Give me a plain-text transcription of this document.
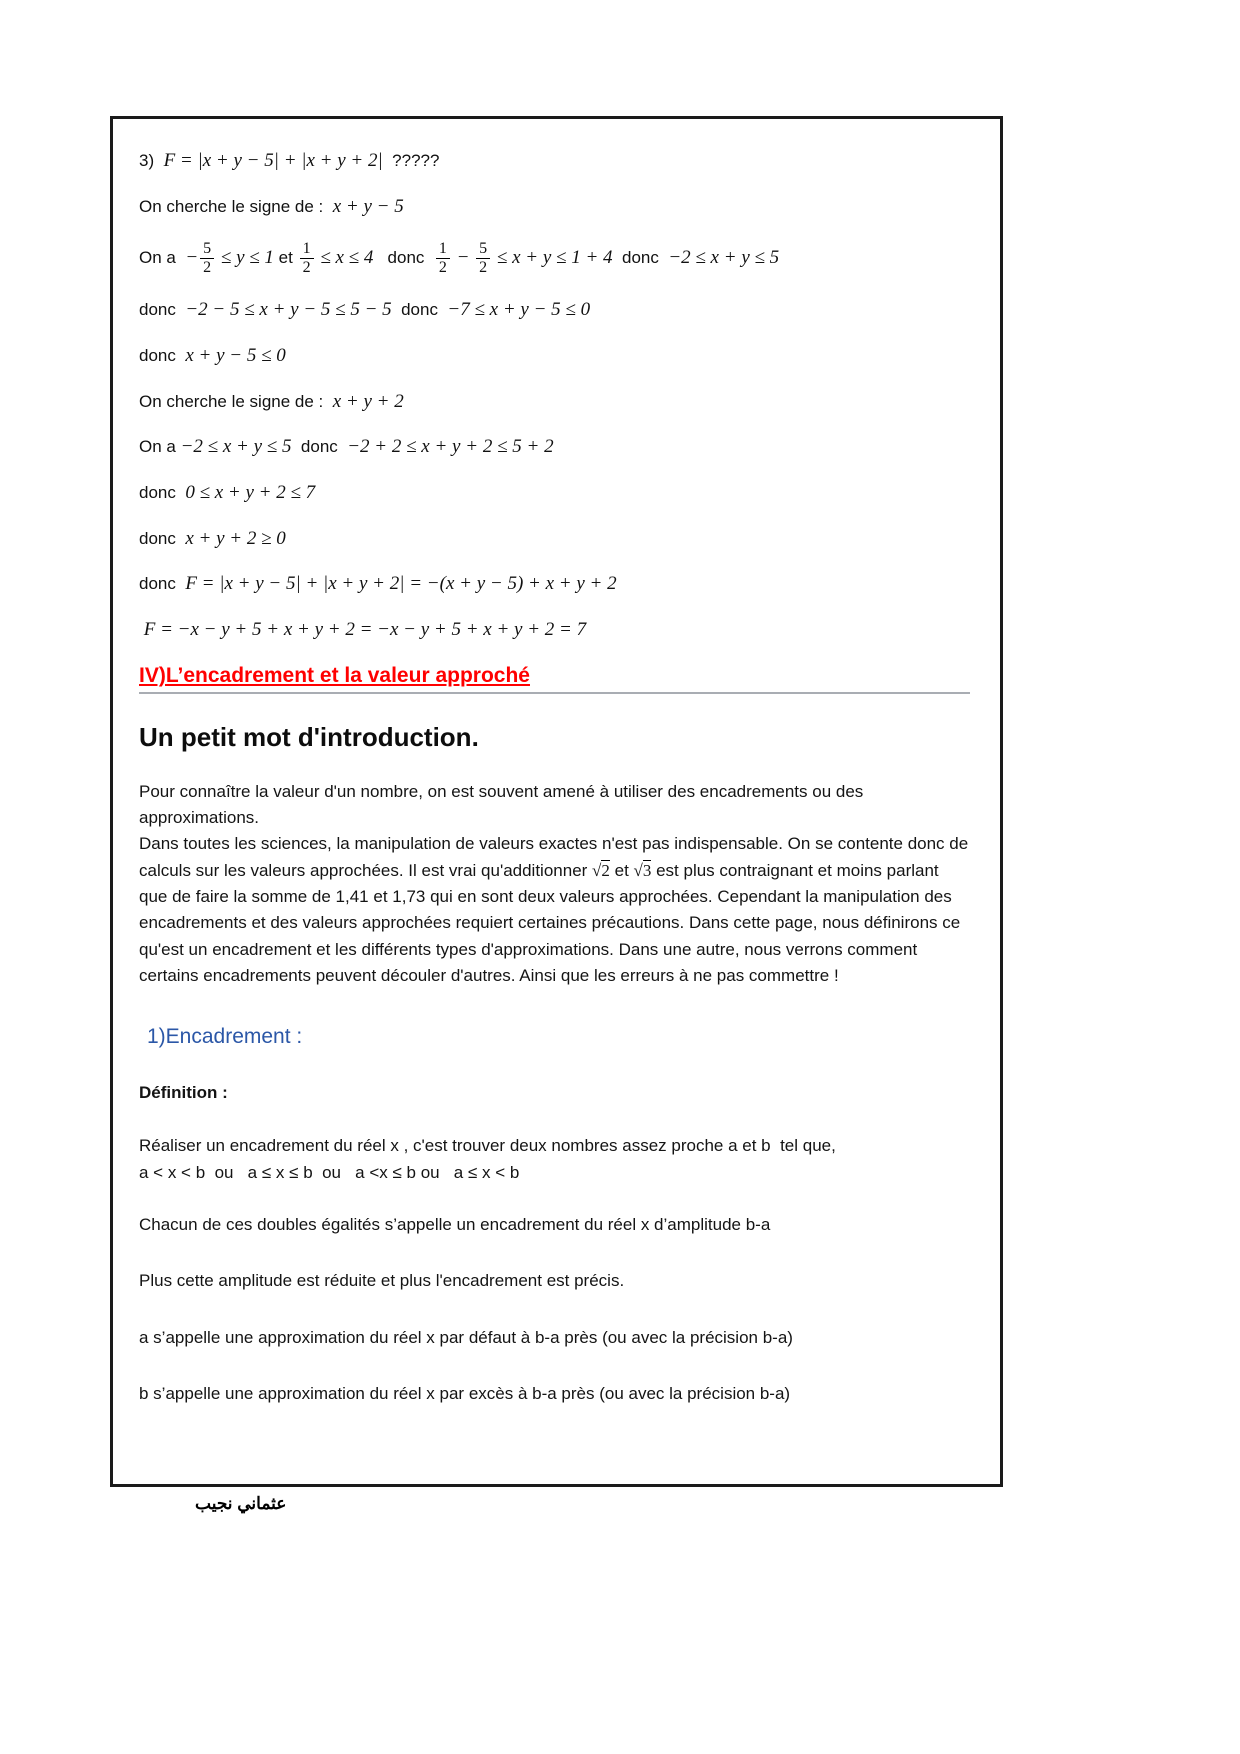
3)  F = |x + y − 5| + |x + y + 2|  ?????
On cherche le signe de :  x + y − 5
On $a - \frac{5}{2} \le y \le 1$ et $\frac{1}{2} \le x \le 4$   donc $\frac{1}{2} - \frac{5}{2} \le x + y \le 1 + 4$  donc  −2 ≤ x + y ≤ 5
donc  −2 − 5 ≤ x + y − 5 ≤ 5 − 5  donc  −7 ≤ x + y − 5 ≤ 0
donc  x + y − 5 ≤ 0
On cherche le signe de :  x + y + 2
On a −2 ≤ x + y ≤ 5  donc  −2 + 2 ≤ x + y + 2 ≤ 5 + 2
donc  0 ≤ x + y + 2 ≤ 7
donc  x + y + 2 ≥ 0
donc  F = |x + y − 5| + |x + y + 2| = −(x + y − 5) + x + y + 2
F = −x − y + 5 + x + y + 2 = −x − y + 5 + x + y + 2 = 7
IV)L’encadrement et la valeur approché
Un petit mot d'introduction.

Pour connaître la valeur d'un nombre, on est souvent amené à utiliser des encadrements ou des approximations.
Dans toutes les sciences, la manipulation de valeurs exactes n'est pas indispensable. On se contente donc de calculs sur les valeurs approchées. Il est vrai qu'additionner √2 et √3 est plus contraignant et moins parlant que de faire la somme de 1,41 et 1,73 qui en sont deux valeurs approchées. Cependant la manipulation des encadrements et des valeurs approchées requiert certaines précautions. Dans cette page, nous définirons ce qu'est un encadrement et les différents types d'approximations. Dans une autre, nous verrons comment certains encadrements peuvent découler d'autres. Ainsi que les erreurs à ne pas commettre !

1)Encadrement :

Définition :

Réaliser un encadrement du réel x , c'est trouver deux nombres assez proche a et b  tel que,
a < x < b  ou   a ≤ x ≤ b  ou   a <x ≤ b ou   a ≤ x < b

Chacun de ces doubles égalités s’appelle un encadrement du réel x d’amplitude b-a

Plus cette amplitude est réduite et plus l'encadrement est précis.

a s’appelle une approximation du réel x par défaut à b-a près (ou avec la précision b-a)

b s’appelle une approximation du réel x par excès à b-a près (ou avec la précision b-a)

عثماني نجيب
